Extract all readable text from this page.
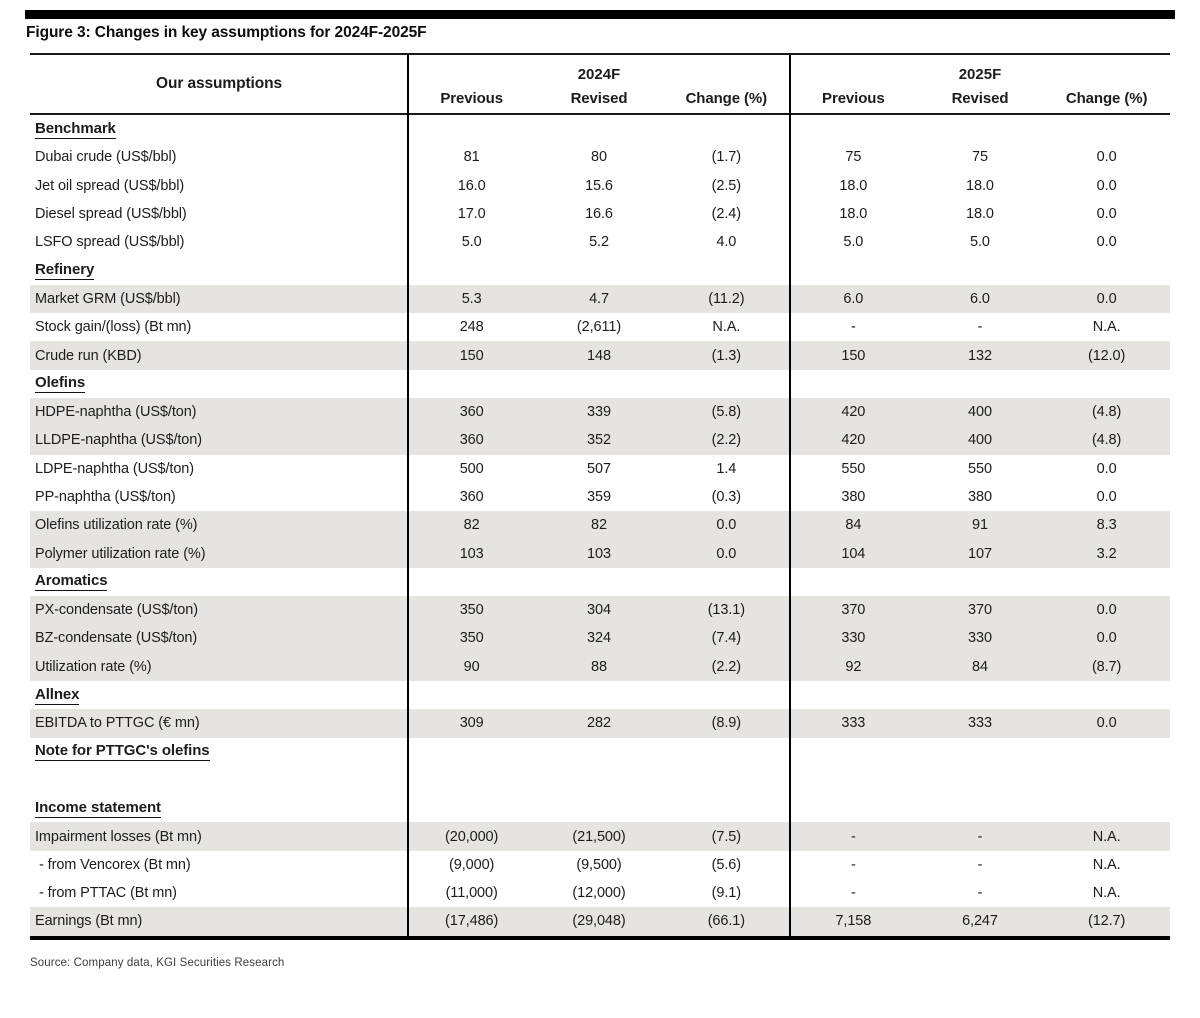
Figure 3: Changes in key assumptions for 2024F-2025F
Our assumptions
2024F
Previous	Revised	Change (%)
2025F
Previous	Revised	Change (%)
Benchmark
Dubai crude (US$/bbl)	81	80	(1.7)	75	75	0.0
Jet oil spread (US$/bbl)	16.0	15.6	(2.5)	18.0	18.0	0.0
Diesel spread (US$/bbl)	17.0	16.6	(2.4)	18.0	18.0	0.0
LSFO spread (US$/bbl)	5.0	5.2	4.0	5.0	5.0	0.0
Refinery
Market GRM (US$/bbl)	5.3	4.7	(11.2)	6.0	6.0	0.0
Stock gain/(loss) (Bt mn)	248	(2,611)	N.A.	-	-	N.A.
Crude run (KBD)	150	148	(1.3)	150	132	(12.0)
Olefins
HDPE-naphtha (US$/ton)	360	339	(5.8)	420	400	(4.8)
LLDPE-naphtha (US$/ton)	360	352	(2.2)	420	400	(4.8)
LDPE-naphtha (US$/ton)	500	507	1.4	550	550	0.0
PP-naphtha (US$/ton)	360	359	(0.3)	380	380	0.0
Olefins utilization rate (%)	82	82	0.0	84	91	8.3
Polymer utilization rate (%)	103	103	0.0	104	107	3.2
Aromatics
PX-condensate (US$/ton)	350	304	(13.1)	370	370	0.0
BZ-condensate (US$/ton)	350	324	(7.4)	330	330	0.0
Utilization rate (%)	90	88	(2.2)	92	84	(8.7)
Allnex
EBITDA to PTTGC (€ mn)	309	282	(8.9)	333	333	0.0
Note for PTTGC's olefins
Income statement
Impairment losses (Bt mn)	(20,000)	(21,500)	(7.5)	-	-	N.A.
- from Vencorex (Bt mn)	(9,000)	(9,500)	(5.6)	-	-	N.A.
- from PTTAC (Bt mn)	(11,000)	(12,000)	(9.1)	-	-	N.A.
Earnings (Bt mn)	(17,486)	(29,048)	(66.1)	7,158	6,247	(12.7)
Source: Company data, KGI Securities Research
